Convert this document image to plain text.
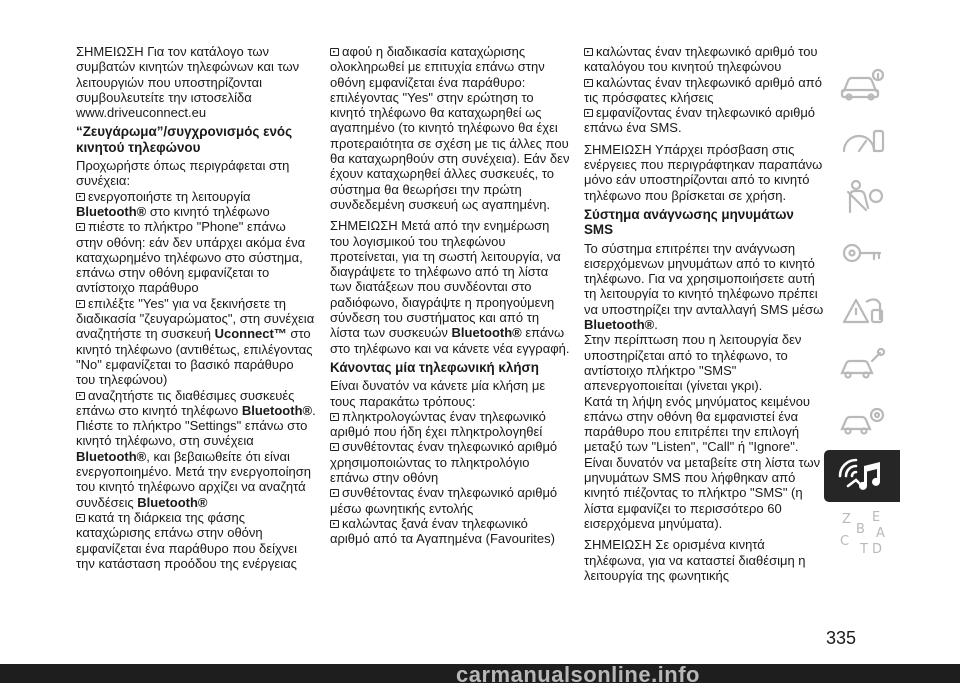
ΣΗΜΕΙΩΣΗ Για τον κατάλογο των συμβατών κινητών τηλεφώνων και των λειτουργιών που υποστηρίζονται συμβουλευτείτε την ιστοσελίδα www.driveuconnect.eu

“Ζευγάρωμα”/συγχρονισμός ενός κινητού τηλεφώνου

Προχωρήστε όπως περιγράφεται στη συνέχεια:

ενεργοποιήστε τη λειτουργία
Bluetooth® στο κινητό τηλέφωνο

πιέστε το πλήκτρο "Phone" επάνω στην οθόνη: εάν δεν υπάρχει ακόμα ένα καταχωρημένο τηλέφωνο στο σύστημα, επάνω στην οθόνη εμφανίζεται το αντίστοιχο παράθυρο

επιλέξτε "Yes" για να ξεκινήσετε τη διαδικασία "ζευγαρώματος", στη συνέχεια αναζητήστε τη συσκευή Uconnect™ στο κινητό τηλέφωνο (αντιθέτως, επιλέγοντας "No" εμφανίζεται το βασικό παράθυρο του τηλεφώνου)

αναζητήστε τις διαθέσιμες συσκευές επάνω στο κινητό τηλέφωνο Bluetooth®. Πιέστε το πλήκτρο "Settings" επάνω στο κινητό τηλέφωνο, στη συνέχεια Bluetooth®, και βεβαιωθείτε ότι είναι ενεργοποιημένο. Μετά την ενεργοποίηση του κινητό τηλέφωνο αρχίζει να αναζητά συνδέσεις Bluetooth®

κατά τη διάρκεια της φάσης καταχώρισης επάνω στην οθόνη εμφανίζεται ένα παράθυρο που δείχνει την κατάσταση προόδου της ενέργειας

αφού η διαδικασία καταχώρισης ολοκληρωθεί με επιτυχία επάνω στην οθόνη εμφανίζεται ένα παράθυρο: επιλέγοντας "Yes" στην ερώτηση το κινητό τηλέφωνο θα καταχωρηθεί ως αγαπημένο (το κινητό τηλέφωνο θα έχει προτεραιότητα σε σχέση με τις άλλες που θα καταχωρηθούν στη συνέχεια). Εάν δεν έχουν καταχωρηθεί άλλες συσκευές, το σύστημα θα θεωρήσει την πρώτη συνδεδεμένη συσκευή ως αγαπημένη.

ΣΗΜΕΙΩΣΗ Μετά από την ενημέρωση του λογισμικού του τηλεφώνου προτείνεται, για τη σωστή λειτουργία, να διαγράψετε το τηλέφωνο από τη λίστα των διατάξεων που συνδέονται στο ραδιόφωνο, διαγράψτε η προηγούμενη σύνδεση του συστήματος και από τη λίστα των συσκευών Bluetooth® επάνω στο τηλέφωνο και να κάνετε νέα εγγραφή.

Κάνοντας μία τηλεφωνική κλήση

Είναι δυνατόν να κάνετε μία κλήση με τους παρακάτω τρόπους:

πληκτρολογώντας έναν τηλεφωνικό αριθμό που ήδη έχει πληκτρολογηθεί

συνθέτοντας έναν τηλεφωνικό αριθμό χρησιμοποιώντας το πληκτρολόγιο επάνω στην οθόνη

συνθέτοντας έναν τηλεφωνικό αριθμό μέσω φωνητικής εντολής

καλώντας ξανά έναν τηλεφωνικό αριθμό από τα Αγαπημένα (Favourites)

καλώντας έναν τηλεφωνικό αριθμό του καταλόγου του κινητού τηλεφώνου

καλώντας έναν τηλεφωνικό αριθμό από τις πρόσφατες κλήσεις

εμφανίζοντας έναν τηλεφωνικό αριθμό επάνω ένα SMS.

ΣΗΜΕΙΩΣΗ Υπάρχει πρόσβαση στις ενέργειες που περιγράφτηκαν παραπάνω μόνο εάν υποστηρίζονται από το κινητό τηλέφωνο που βρίσκεται σε χρήση.

Σύστημα ανάγνωσης μηνυμάτων SMS

Το σύστημα επιτρέπει την ανάγνωση εισερχόμενων μηνυμάτων από το κινητό τηλέφωνο. Για να χρησιμοποιήσετε αυτή τη λειτουργία το κινητό τηλέφωνο πρέπει να υποστηρίζει την ανταλλαγή SMS μέσω Bluetooth®.

Στην περίπτωση που η λειτουργία δεν υποστηρίζεται από το τηλέφωνο, το αντίστοιχο πλήκτρο "SMS" απενεργοποιείται (γίνεται γκρι).

Κατά τη λήψη ενός μηνύματος κειμένου επάνω στην οθόνη θα εμφανιστεί ένα παράθυρο που επιτρέπει την επιλογή μεταξύ των "Listen", "Call" ή "Ignore".

Είναι δυνατόν να μεταβείτε στη λίστα των μηνυμάτων SMS που λήφθηκαν από κινητό πιέζοντας το πλήκτρο "SMS" (η λίστα εμφανίζει το περισσότερο 60 εισερχόμενα μηνύματα).

ΣΗΜΕΙΩΣΗ Σε ορισμένα κινητά τηλέφωνα, για να καταστεί διαθέσιμη η λειτουργία της φωνητικής

Z E
B A
C
T D
335
carmanualsonline.info
